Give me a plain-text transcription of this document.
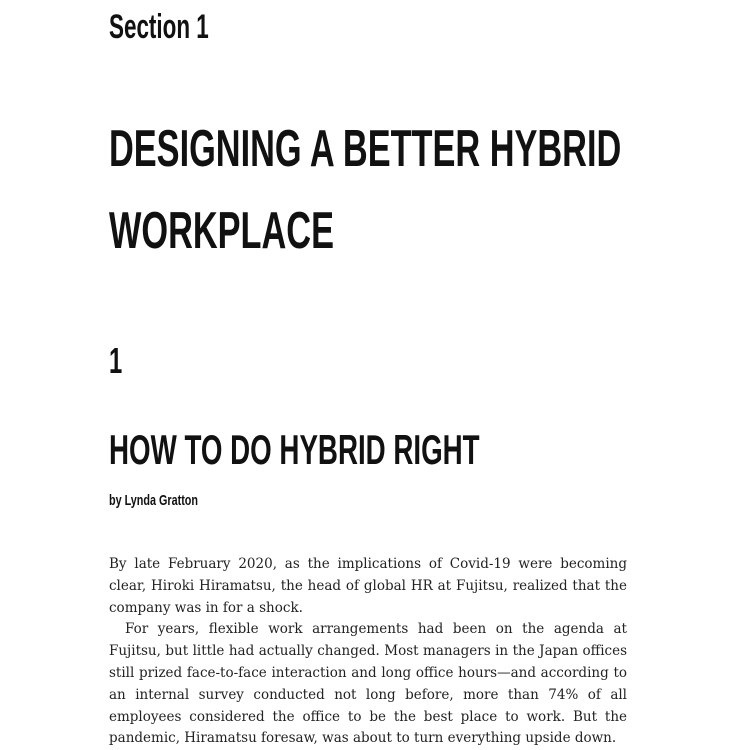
Section 1
DESIGNING A BETTER HYBRID
WORKPLACE
1
HOW TO DO HYBRID RIGHT
by Lynda Gratton

By late February 2020, as the implications of Covid-19 were becoming clear, Hiroki Hiramatsu, the head of global HR at Fujitsu, realized that the company was in for a shock.

For years, flexible work arrangements had been on the agenda at Fujitsu, but little had actually changed. Most managers in the Japan offices still prized face-to-face interaction and long office hours—and according to an internal survey conducted not long before, more than 74% of all employees considered the office to be the best place to work. But the pandemic, Hiramatsu foresaw, was about to turn everything upside down.
